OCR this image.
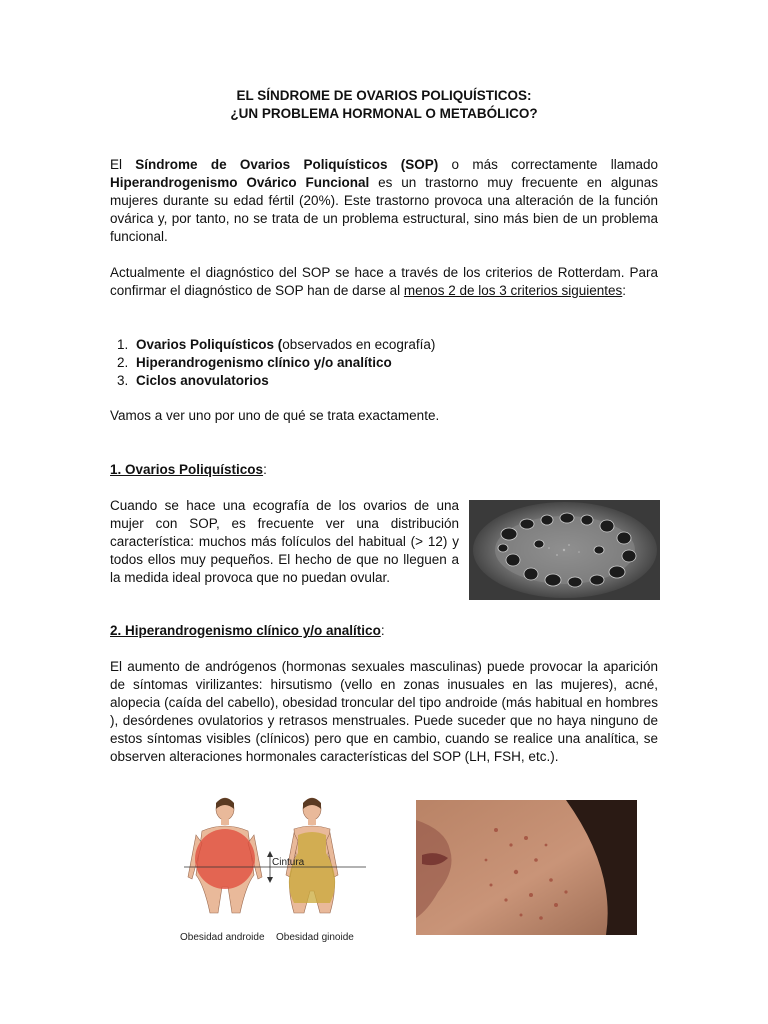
EL SÍNDROME DE OVARIOS POLIQUÍSTICOS:
¿UN PROBLEMA HORMONAL O METABÓLICO?

El Síndrome de Ovarios Poliquísticos (SOP) o más correctamente llamado Hiperandrogenismo Ovárico Funcional es un trastorno muy frecuente en algunas mujeres durante su edad fértil (20%). Este trastorno provoca una alteración de la función ovárica y, por tanto, no se trata de un problema estructural, sino más bien de un problema funcional.

Actualmente el diagnóstico del SOP se hace a través de los criterios de Rotterdam. Para confirmar el diagnóstico de SOP han de darse al menos 2 de los 3 criterios siguientes:

1. Ovarios Poliquísticos (observados en ecografía)
2. Hiperandrogenismo clínico y/o analítico
3. Ciclos anovulatorios

Vamos a ver uno por uno de qué se trata exactamente.

1. Ovarios Poliquísticos:

Cuando se hace una ecografía de los ovarios de una mujer con SOP, es frecuente ver una distribución característica: muchos más folículos del habitual (> 12) y todos ellos muy pequeños. El hecho de que no lleguen a la medida ideal provoca que no puedan ovular.

2. Hiperandrogenismo clínico y/o analítico:

El aumento de andrógenos (hormonas sexuales masculinas) puede provocar la aparición de síntomas virilizantes: hirsutismo (vello en zonas inusuales en las mujeres), acné, alopecia (caída del cabello), obesidad troncular del tipo androide (más habitual en hombres ), desórdenes ovulatorios y retrasos menstruales. Puede suceder que no haya ninguno de estos síntomas visibles (clínicos) pero que en cambio, cuando se realice una analítica, se observen alteraciones hormonales características del SOP (LH, FSH, etc.).

Cintura
Obesidad androide Obesidad ginoide
